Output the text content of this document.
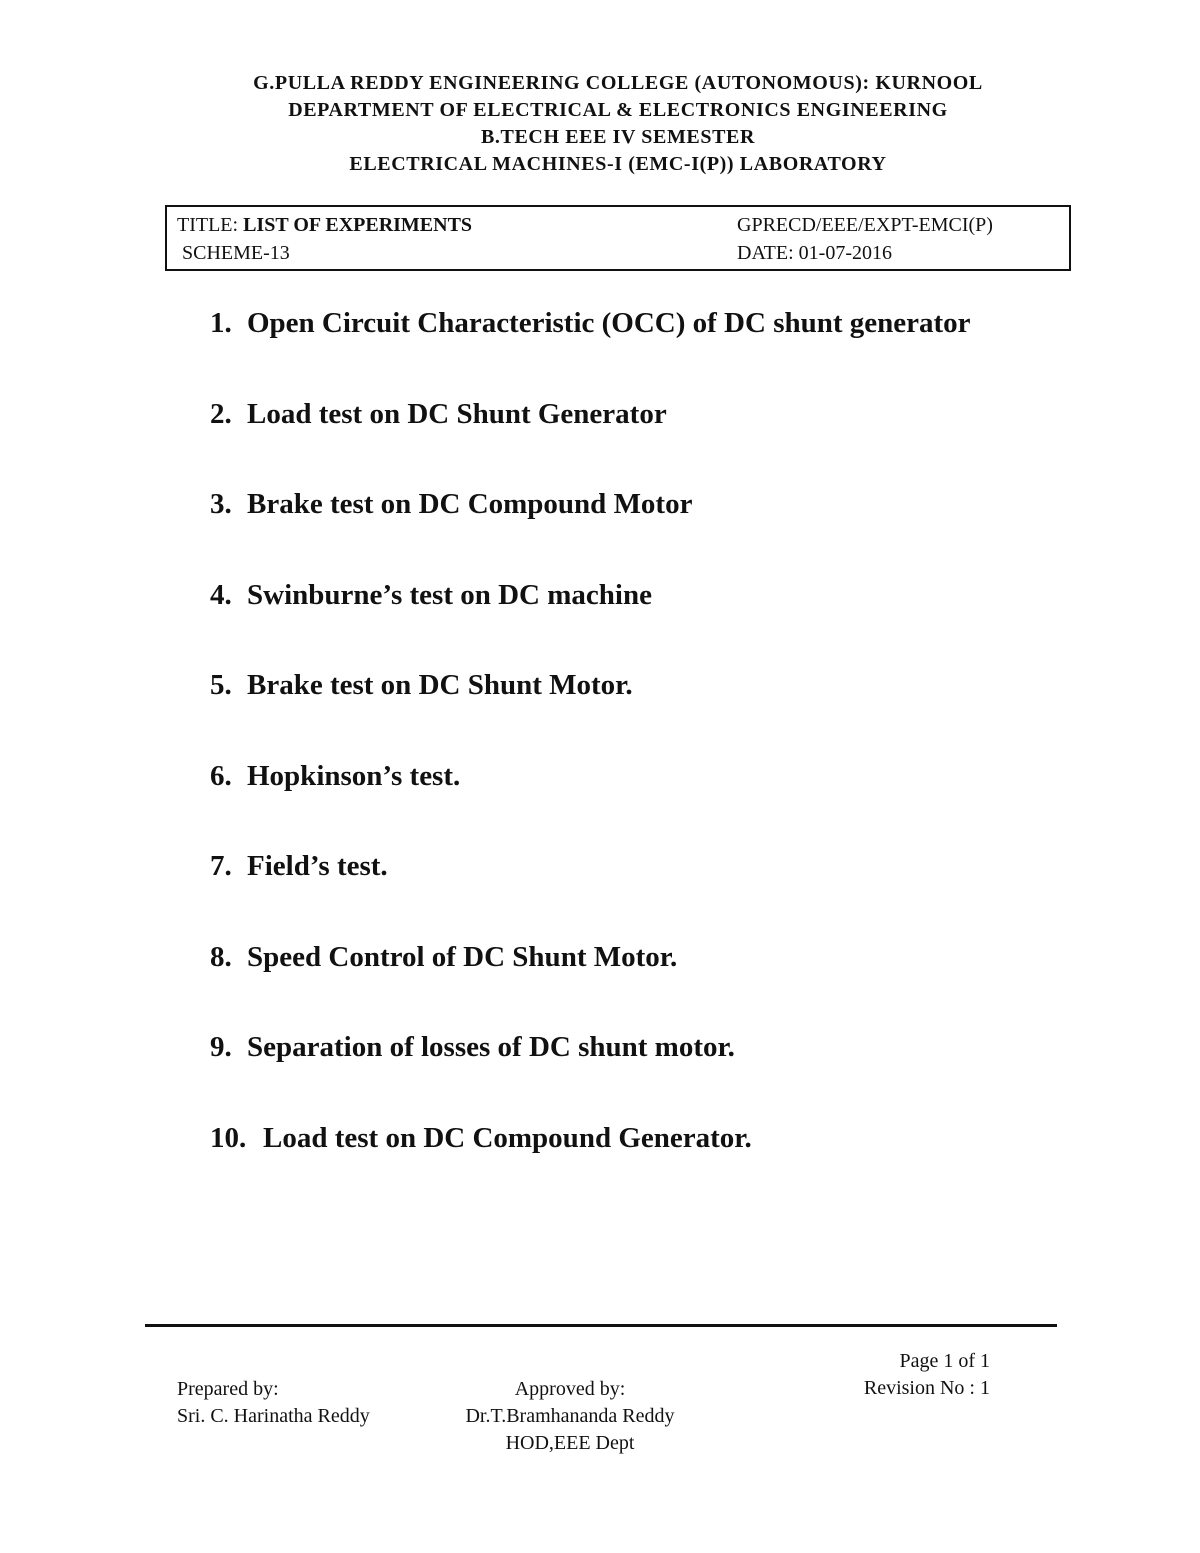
G.PULLA REDDY ENGINEERING COLLEGE (AUTONOMOUS): KURNOOL
DEPARTMENT OF ELECTRICAL & ELECTRONICS ENGINEERING
B.TECH EEE IV SEMESTER
ELECTRICAL MACHINES-I (EMC-I(P)) LABORATORY
TITLE: LIST OF EXPERIMENTS
SCHEME-13
GPRECD/EEE/EXPT-EMCI(P)
DATE: 01-07-2016
1. Open Circuit Characteristic (OCC) of DC shunt generator
2. Load test on DC Shunt Generator
3. Brake test on DC Compound Motor
4. Swinburne’s test on DC machine
5. Brake test on DC Shunt Motor.
6. Hopkinson’s test.
7. Field’s test.
8. Speed Control of DC Shunt Motor.
9. Separation of losses of DC shunt motor.
10. Load test on DC Compound Generator.
Prepared by:
Sri. C. Harinatha Reddy
Approved by:
Dr.T.Bramhananda Reddy
HOD,EEE Dept
Page 1 of 1
Revision No : 1
